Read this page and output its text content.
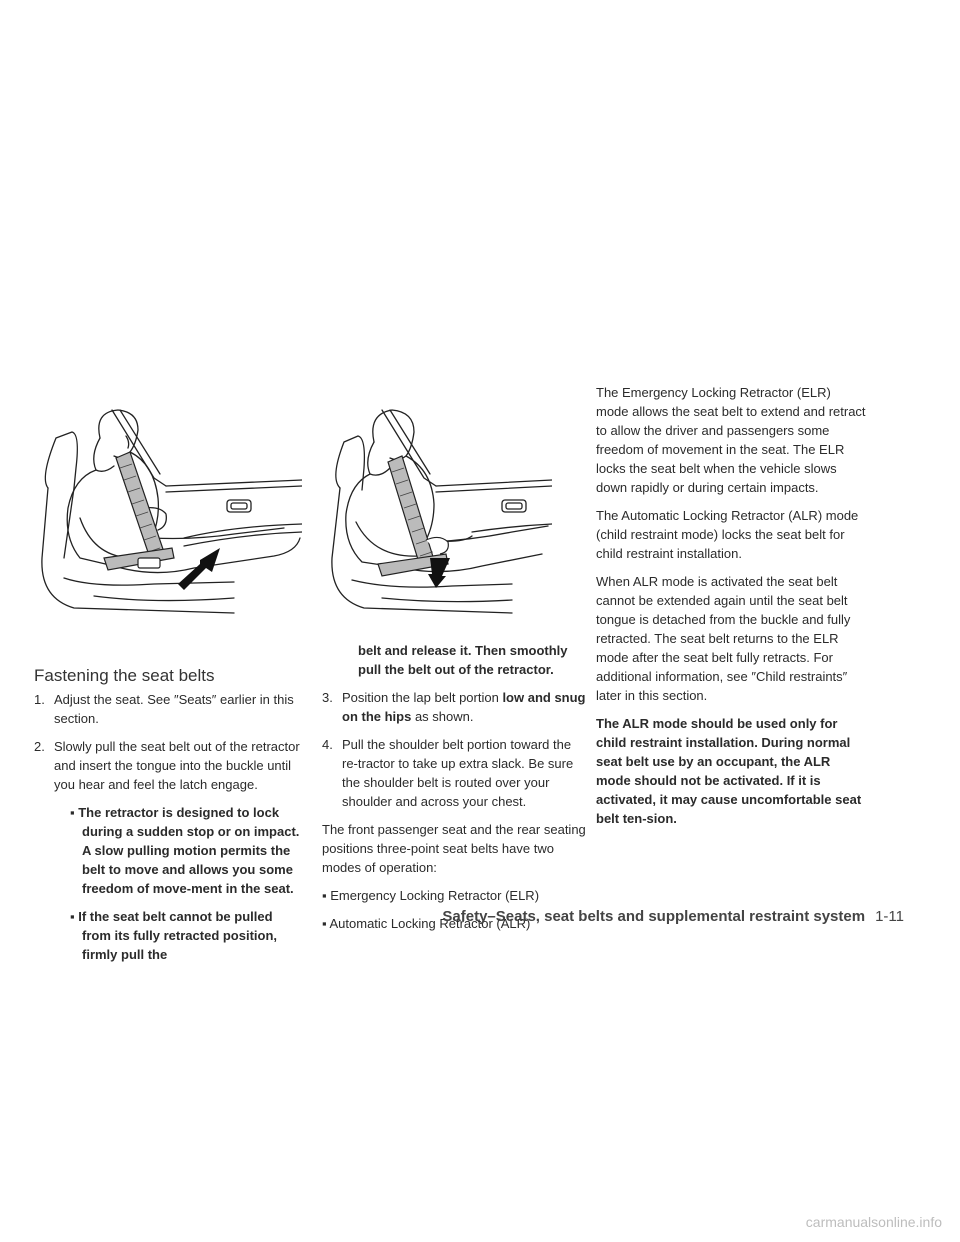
Fastening the seat belts

1. Adjust the seat. See ″Seats″ earlier in this section.

2. Slowly pull the seat belt out of the retractor and insert the tongue into the buckle until you hear and feel the latch engage.

▪ The retractor is designed to lock during a sudden stop or on impact. A slow pulling motion permits the belt to move and allows you some freedom of move-ment in the seat.

▪ If the seat belt cannot be pulled from its fully retracted position, firmly pull the

belt and release it. Then smoothly pull the belt out of the retractor.

3. Position the lap belt portion low and snug on the hips as shown.

4. Pull the shoulder belt portion toward the re-tractor to take up extra slack. Be sure the shoulder belt is routed over your shoulder and across your chest.

The front passenger seat and the rear seating positions three-point seat belts have two modes of operation:

▪ Emergency Locking Retractor (ELR)

▪ Automatic Locking Retractor (ALR)

The Emergency Locking Retractor (ELR) mode allows the seat belt to extend and retract to allow the driver and passengers some freedom of movement in the seat. The ELR locks the seat belt when the vehicle slows down rapidly or during certain impacts.

The Automatic Locking Retractor (ALR) mode (child restraint mode) locks the seat belt for child restraint installation.

When ALR mode is activated the seat belt cannot be extended again until the seat belt tongue is detached from the buckle and fully retracted. The seat belt returns to the ELR mode after the seat belt fully retracts. For additional information, see ″Child restraints″ later in this section.

The ALR mode should be used only for child restraint installation. During normal seat belt use by an occupant, the ALR mode should not be activated. If it is activated, it may cause uncomfortable seat belt ten-sion.

Safety–Seats, seat belts and supplemental restraint system 1-11
carmanualsonline.info
